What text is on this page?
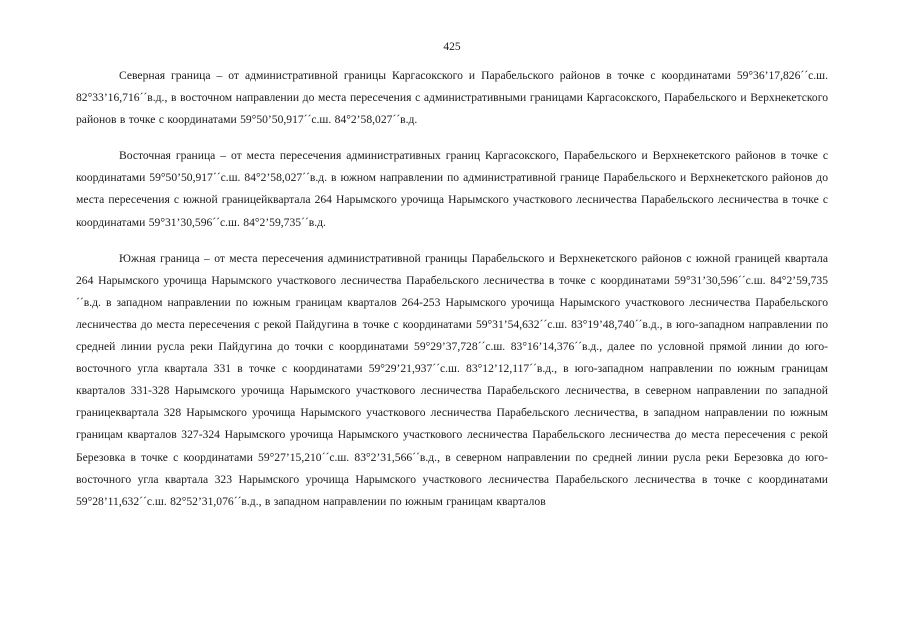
425

Северная граница – от административной границы Каргасокского и Парабельского районов в точке с координатами 59°36’17,826´´с.ш. 82°33’16,716´´в.д., в восточном направлении до места пересечения с административными границами Каргасокского, Парабельского и Верхнекетского районов в точке с координатами 59°50’50,917´´с.ш. 84°2’58,027´´в.д.

Восточная граница – от места пересечения административных границ Каргасокского, Парабельского и Верхнекетского районов в точке с координатами 59°50’50,917´´с.ш. 84°2’58,027´´в.д. в южном направлении по административной границе Парабельского и Верхнекетского районов до места пересечения с южной границейквартала 264 Нарымского урочища Нарымского участкового лесничества Парабельского лесничества в точке с координатами 59°31’30,596´´с.ш. 84°2’59,735´´в.д.

Южная граница – от места пересечения административной границы Парабельского и Верхнекетского районов с южной границей квартала 264 Нарымского урочища Нарымского участкового лесничества Парабельского лесничества в точке с координатами 59°31’30,596´´с.ш. 84°2’59,735´´в.д. в западном направлении по южным границам кварталов 264-253 Нарымского урочища Нарымского участкового лесничества Парабельского лесничества до места пересечения с рекой Пайдугина в точке с координатами 59°31’54,632´´с.ш. 83°19’48,740´´в.д., в юго-западном направлении по средней линии русла реки Пайдугина до точки с координатами 59°29’37,728´´с.ш. 83°16’14,376´´в.д., далее по условной прямой линии до юго-восточного угла квартала 331 в точке с координатами 59°29’21,937´´с.ш. 83°12’12,117´´в.д., в юго-западном направлении по южным границам кварталов 331-328 Нарымского урочища Нарымского участкового лесничества Парабельского лесничества, в северном направлении по западной границеквартала 328 Нарымского урочища Нарымского участкового лесничества Парабельского лесничества, в западном направлении по южным границам кварталов 327-324 Нарымского урочища Нарымского участкового лесничества Парабельского лесничества до места пересечения с рекой Березовка в точке с координатами 59°27’15,210´´с.ш. 83°2’31,566´´в.д., в северном направлении по средней линии русла реки Березовка до юго-восточного угла квартала 323 Нарымского урочища Нарымского участкового лесничества Парабельского лесничества в точке с координатами 59°28’11,632´´с.ш. 82°52’31,076´´в.д., в западном направлении по южным границам кварталов
